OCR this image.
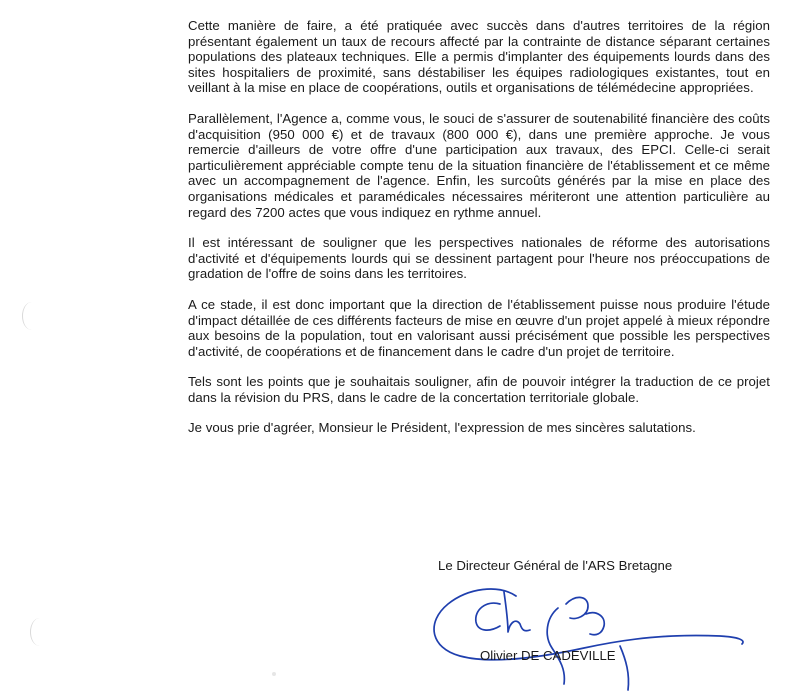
Cette manière de faire, a été pratiquée avec succès dans d'autres territoires de la région présentant également un taux de recours affecté par la contrainte de distance séparant certaines populations des plateaux techniques. Elle a permis d'implanter des équipements lourds dans des sites hospitaliers de proximité, sans déstabiliser les équipes radiologiques existantes, tout en veillant à la mise en place de coopérations, outils et organisations de télémédecine appropriées.

Parallèlement, l'Agence a, comme vous, le souci de s'assurer de soutenabilité financière des coûts d'acquisition (950 000 €) et de travaux (800 000 €), dans une première approche. Je vous remercie d'ailleurs de votre offre d'une participation aux travaux, des EPCI. Celle-ci serait particulièrement appréciable compte tenu de la situation financière de l'établissement et ce même avec un accompagnement de l'agence. Enfin, les surcoûts générés par la mise en place des organisations médicales et paramédicales nécessaires mériteront une attention particulière au regard des 7200 actes que vous indiquez en rythme annuel.

Il est intéressant de souligner que les perspectives nationales de réforme des autorisations d'activité et d'équipements lourds qui se dessinent partagent pour l'heure nos préoccupations de gradation de l'offre de soins dans les territoires.

A ce stade, il est donc important que la direction de l'établissement puisse nous produire l'étude d'impact détaillée de ces différents facteurs de mise en œuvre d'un projet appelé à mieux répondre aux besoins de la population, tout en valorisant aussi précisément que possible les perspectives d'activité, de coopérations et de financement dans le cadre d'un projet de territoire.

Tels sont les points que je souhaitais souligner, afin de pouvoir intégrer la traduction de ce projet dans la révision du PRS, dans le cadre de la concertation territoriale globale.

Je vous prie d'agréer, Monsieur le Président, l'expression de mes sincères salutations.

Le Directeur Général de l'ARS Bretagne
Olivier DE CADEVILLE
